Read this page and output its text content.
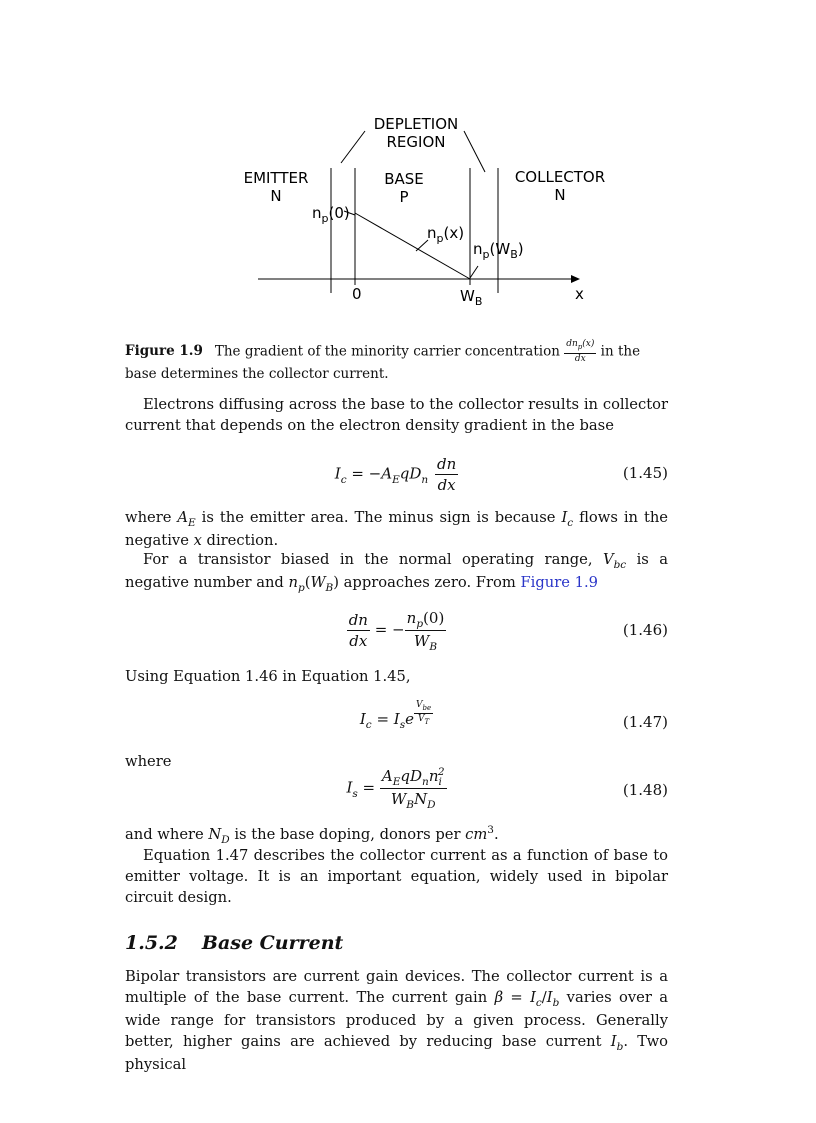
DEPLETION
REGION
EMITTER
N
BASE
P
COLLECTOR
N
$n_p(0)$
$n_p(x)$
$n_p(W_B)$
0	$W_B$	x
Figure 1.9 The gradient of the minority carrier concentration $\frac{dn_p(x)}{dx}$ in the base determines the collector current.
Electrons diffusing across the base to the collector results in collector current that depends on the electron density gradient in the base
$I_c = -A_EqD_n \frac{dn}{dx}$	(1.45)
where $A_E$ is the emitter area. The minus sign is because $I_c$ flows in the negative x direction.
For a transistor biased in the normal operating range, $V_{bc}$ is a negative number and $n_p(W_B)$ approaches zero. From Figure 1.9
$\frac{dn}{dx}$ = − $\frac{n_p(0)}{W_B}$	(1.46)
Using Equation 1.46 in Equation 1.45,
$I_c = I_se \frac{V_{be}}{V_T}$	(1.47)
where
$I_s = \frac{A_EqD_nn_i^2}{W_BN_D}$	(1.48)
and where $N_D$ is the base doping, donors per $cm^3$.
Equation 1.47 describes the collector current as a function of base to emitter voltage. It is an important equation, widely used in bipolar circuit design.
1.5.2 Base Current
Bipolar transistors are current gain devices. The collector current is a multiple of the base current. The current gain $\beta = I_c/I_b$ varies over a wide range for transistors produced by a given process. Generally better, higher gains are achieved by reducing base current $I_b$. Two physical
